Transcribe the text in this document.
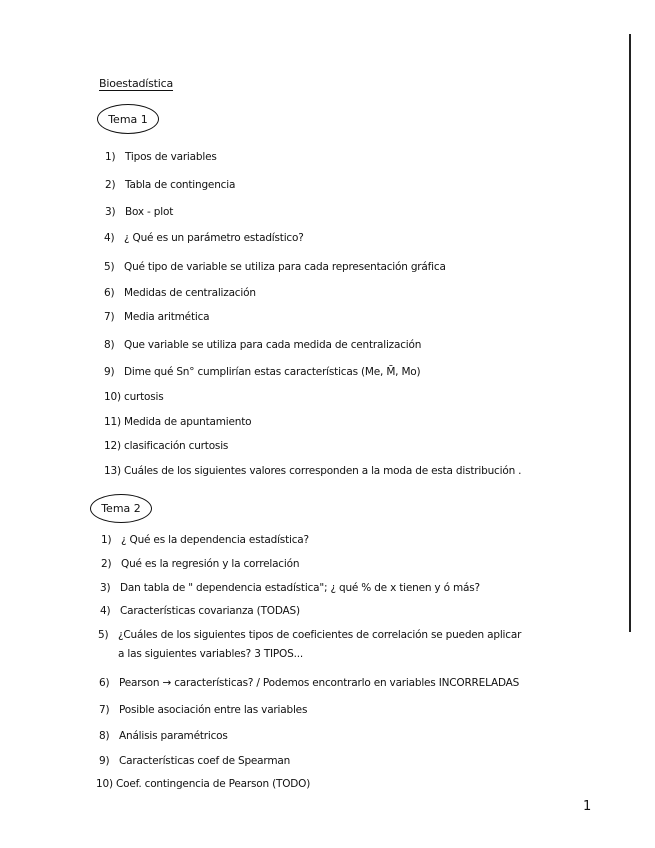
Bioestadística
Tema 1
1) Tipos de variables
2) Tabla de contingencia
3) Box - plot
4) ¿ Qué es un parámetro estadístico?
5) Qué tipo de variable se utiliza para cada representación gráfica
6) Medidas de centralización
7) Media aritmética
8) Que variable se utiliza para cada medida de centralización
9) Dime qué Sn° cumplirían estas características (Me, M̄, Mo)
10) curtosis
11) Medida de apuntamiento
12) clasificación curtosis
13) Cuáles de los siguientes valores corresponden a la moda de esta distribución .
Tema 2
1) ¿ Qué es la dependencia estadística?
2) Qué es la regresión y la correlación
3) Dan tabla de " dependencia estadística"; ¿ qué % de x tienen y ó más?
4) Características covarianza (TODAS)
5) ¿Cuáles de los siguientes tipos de coeficientes de correlación se pueden aplicar a las siguientes variables? 3 TIPOS...
6) Pearson → características? / Podemos encontrarlo en variables INCORRELADAS
7) Posible asociación entre las variables
8) Análisis paramétricos
9) Características coef de Spearman
10) Coef. contingencia de Pearson (TODO)
1
